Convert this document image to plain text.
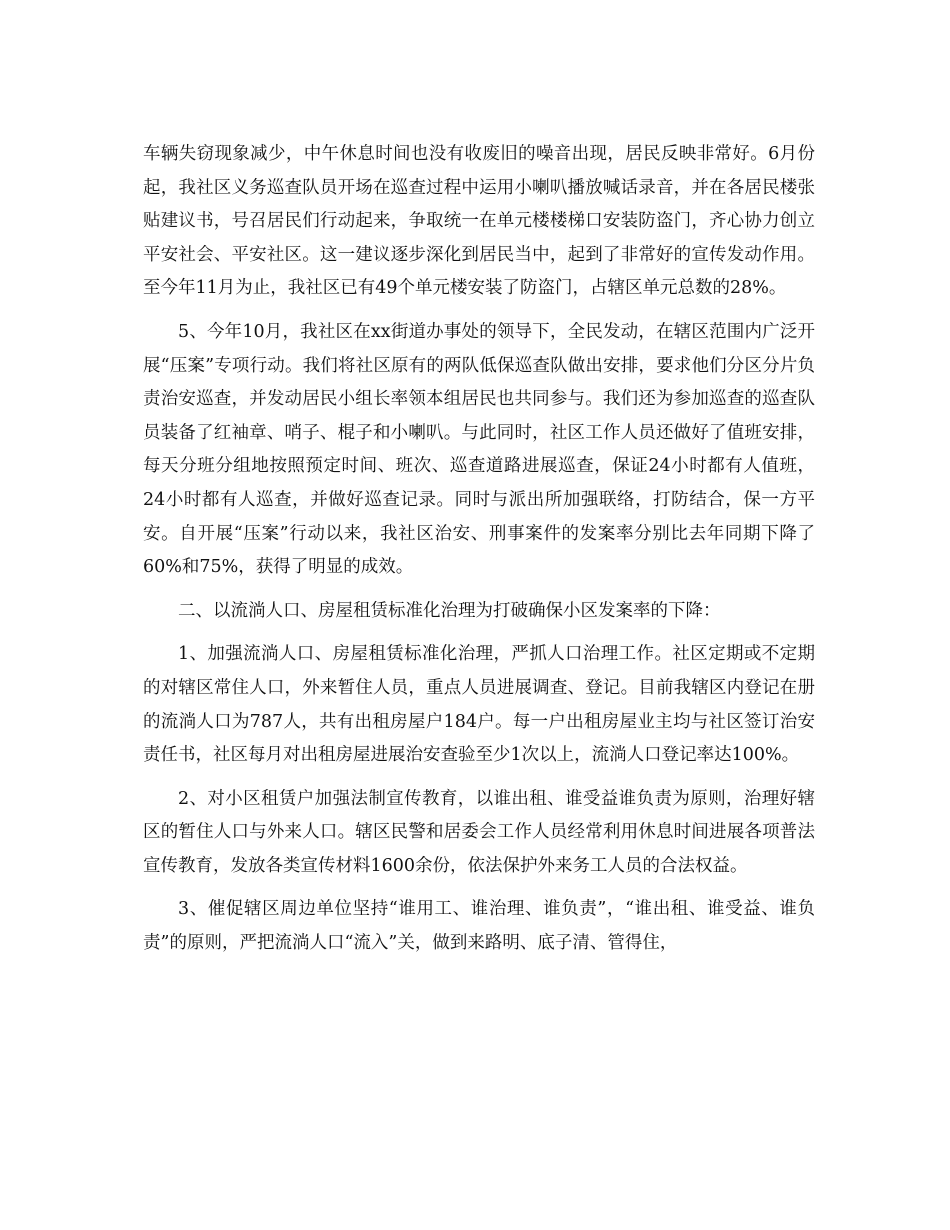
车辆失窃现象减少，中午休息时间也没有收废旧的噪音出现，居民反映非常好。6月份起，我社区义务巡查队员开场在巡查过程中运用小喇叭播放喊话录音，并在各居民楼张贴建议书，号召居民们行动起来，争取统一在单元楼楼梯口安装防盗门，齐心协力创立平安社会、平安社区。这一建议逐步深化到居民当中，起到了非常好的宣传发动作用。至今年11月为止，我社区已有49个单元楼安装了防盗门，占辖区单元总数的28%。

5、今年10月，我社区在xx街道办事处的领导下，全民发动，在辖区范围内广泛开展“压案”专项行动。我们将社区原有的两队低保巡查队做出安排，要求他们分区分片负责治安巡查，并发动居民小组长率领本组居民也共同参与。我们还为参加巡查的巡查队员装备了红袖章、哨子、棍子和小喇叭。与此同时，社区工作人员还做好了值班安排，每天分班分组地按照预定时间、班次、巡查道路进展巡查，保证24小时都有人值班，24小时都有人巡查，并做好巡查记录。同时与派出所加强联络，打防结合，保一方平安。自开展“压案”行动以来，我社区治安、刑事案件的发案率分别比去年同期下降了60%和75%，获得了明显的成效。

二、以流淌人口、房屋租赁标准化治理为打破确保小区发案率的下降：

1、加强流淌人口、房屋租赁标准化治理，严抓人口治理工作。社区定期或不定期的对辖区常住人口，外来暂住人员，重点人员进展调查、登记。目前我辖区内登记在册的流淌人口为787人，共有出租房屋户184户。每一户出租房屋业主均与社区签订治安责任书，社区每月对出租房屋进展治安查验至少1次以上，流淌人口登记率达100%。

2、对小区租赁户加强法制宣传教育，以谁出租、谁受益谁负责为原则，治理好辖区的暂住人口与外来人口。辖区民警和居委会工作人员经常利用休息时间进展各项普法宣传教育，发放各类宣传材料1600余份，依法保护外来务工人员的合法权益。

3、催促辖区周边单位坚持“谁用工、谁治理、谁负责”，“谁出租、谁受益、谁负责”的原则，严把流淌人口“流入”关，做到来路明、底子清、管得住，
